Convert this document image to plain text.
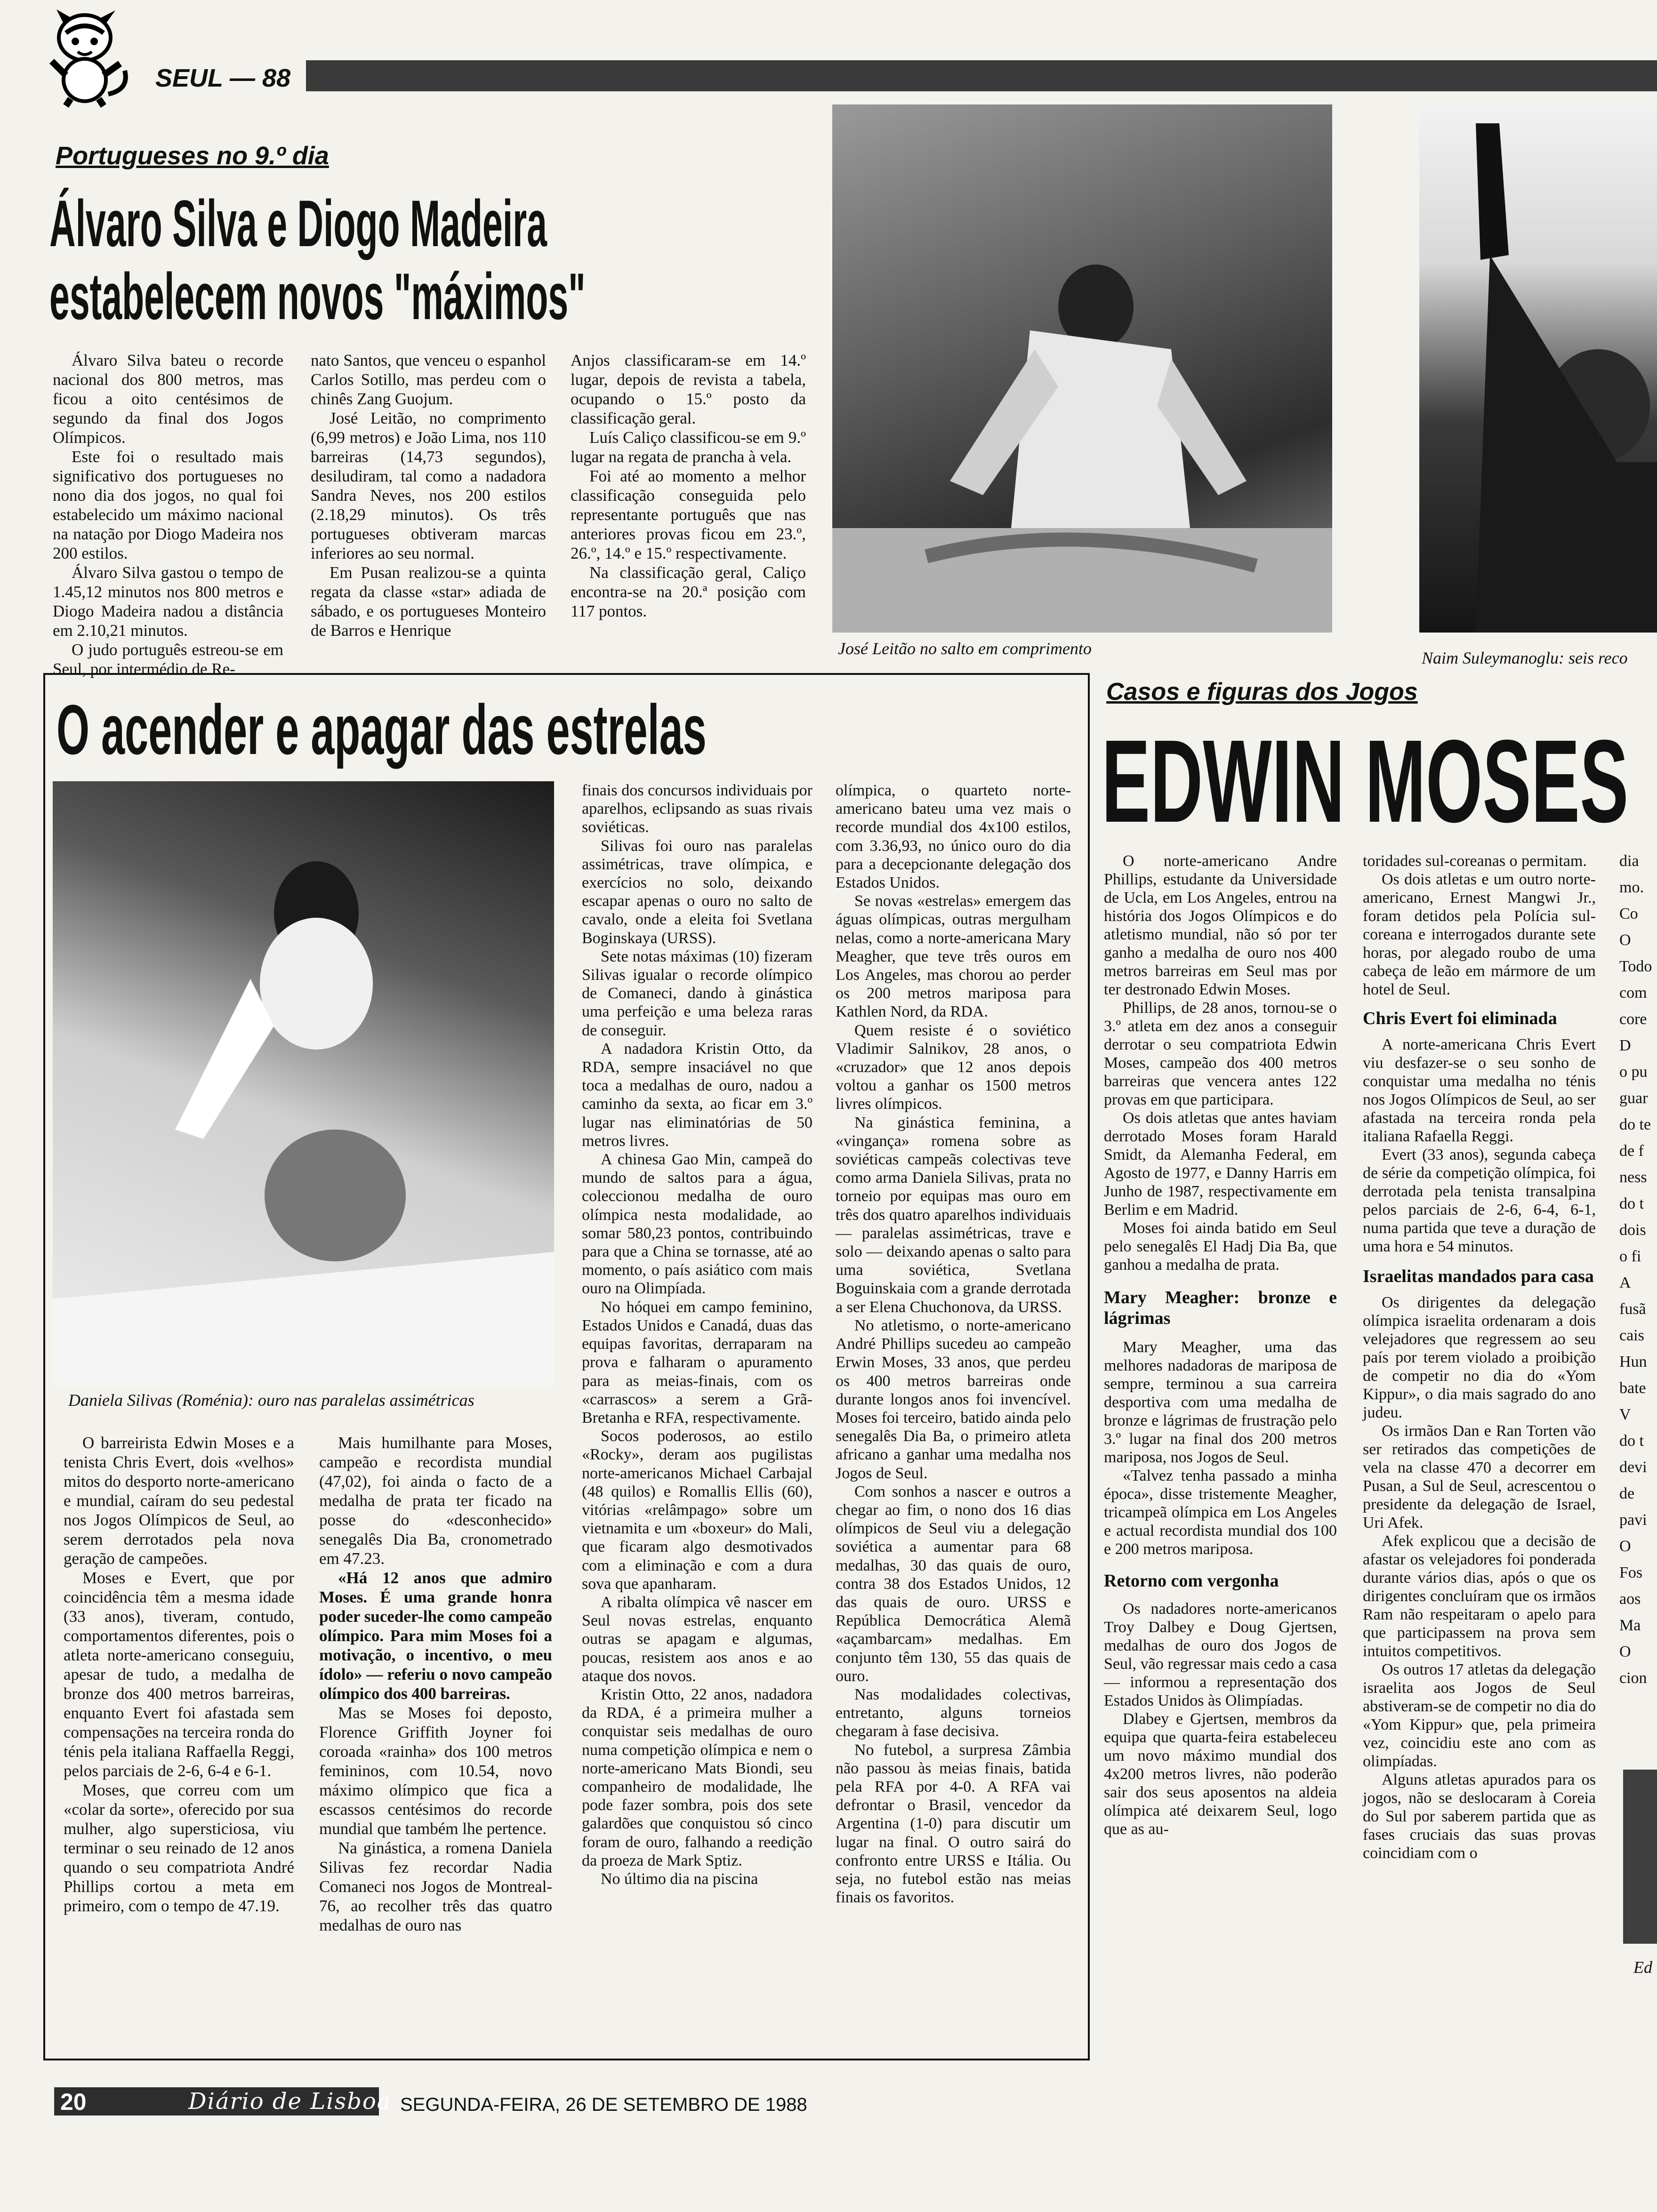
SEUL — 88
Portugueses no 9.º dia
Álvaro Silva e Diogo Madeira
estabelecem novos "máximos"

Álvaro Silva bateu o recorde nacional dos 800 metros, mas ficou a oito centésimos de segundo da final dos Jogos Olímpicos.

Este foi o resultado mais significativo dos portugueses no nono dia dos jogos, no qual foi estabelecido um máximo nacional na natação por Diogo Madeira nos 200 estilos.

Álvaro Silva gastou o tempo de 1.45,12 minutos nos 800 metros e Diogo Madeira nadou a distância em 2.10,21 minutos.

O judo português estreou-se em Seul, por intermédio de Re-

nato Santos, que venceu o espanhol Carlos Sotillo, mas perdeu com o chinês Zang Guojum.

José Leitão, no comprimento (6,99 metros) e João Lima, nos 110 barreiras (14,73 segundos), desiludiram, tal como a nadadora Sandra Neves, nos 200 estilos (2.18,29 minutos). Os três portugueses obtiveram marcas inferiores ao seu normal.

Em Pusan realizou-se a quinta regata da classe «star» adiada de sábado, e os portugueses Monteiro de Barros e Henrique

Anjos classificaram-se em 14.º lugar, depois de revista a tabela, ocupando o 15.º posto da classificação geral.

Luís Caliço classificou-se em 9.º lugar na regata de prancha à vela.

Foi até ao momento a melhor classificação conseguida pelo representante português que nas anteriores provas ficou em 23.º, 26.º, 14.º e 15.º respectivamente.

Na classificação geral, Caliço encontra-se na 20.ª posição com 117 pontos.

José Leitão no salto em comprimento	Naim Suleymanoglu: seis reco
O acender e apagar das estrelas
Daniela Silivas (Roménia): ouro nas paralelas assimétricas

O barreirista Edwin Moses e a tenista Chris Evert, dois «velhos» mitos do desporto norte-americano e mundial, caíram do seu pedestal nos Jogos Olímpicos de Seul, ao serem derrotados pela nova geração de campeões.

Moses e Evert, que por coincidência têm a mesma idade (33 anos), tiveram, contudo, comportamentos diferentes, pois o atleta norte-americano conseguiu, apesar de tudo, a medalha de bronze dos 400 metros barreiras, enquanto Evert foi afastada sem compensações na terceira ronda do ténis pela italiana Raffaella Reggi, pelos parciais de 2-6, 6-4 e 6-1.

Moses, que correu com um «colar da sorte», oferecido por sua mulher, algo supersticiosa, viu terminar o seu reinado de 12 anos quando o seu compatriota André Phillips cortou a meta em primeiro, com o tempo de 47.19.

Mais humilhante para Moses, campeão e recordista mundial (47,02), foi ainda o facto de a medalha de prata ter ficado na posse do «desconhecido» senegalês Dia Ba, cronometrado em 47.23.

«Há 12 anos que admiro Moses. É uma grande honra poder suceder-lhe como campeão olímpico. Para mim Moses foi a motivação, o incentivo, o meu ídolo» — referiu o novo campeão olímpico dos 400 barreiras.

Mas se Moses foi deposto, Florence Griffith Joyner foi coroada «rainha» dos 100 metros femininos, com 10.54, novo máximo olímpico que fica a escassos centésimos do recorde mundial que também lhe pertence.

Na ginástica, a romena Daniela Silivas fez recordar Nadia Comaneci nos Jogos de Montreal-76, ao recolher três das quatro medalhas de ouro nas

finais dos concursos individuais por aparelhos, eclipsando as suas rivais soviéticas.

Silivas foi ouro nas paralelas assimétricas, trave olímpica, e exercícios no solo, deixando escapar apenas o ouro no salto de cavalo, onde a eleita foi Svetlana Boginskaya (URSS).

Sete notas máximas (10) fizeram Silivas igualar o recorde olímpico de Comaneci, dando à ginástica uma perfeição e uma beleza raras de conseguir.

A nadadora Kristin Otto, da RDA, sempre insaciável no que toca a medalhas de ouro, nadou a caminho da sexta, ao ficar em 3.º lugar nas eliminatórias de 50 metros livres.

A chinesa Gao Min, campeã do mundo de saltos para a água, coleccionou medalha de ouro olímpica nesta modalidade, ao somar 580,23 pontos, contribuindo para que a China se tornasse, até ao momento, o país asiático com mais ouro na Olimpíada.

No hóquei em campo feminino, Estados Unidos e Canadá, duas das equipas favoritas, derraparam na prova e falharam o apuramento para as meias-finais, com os «carrascos» a serem a Grã-Bretanha e RFA, respectivamente.

Socos poderosos, ao estilo «Rocky», deram aos pugilistas norte-americanos Michael Carbajal (48 quilos) e Romallis Ellis (60), vitórias «relâmpago» sobre um vietnamita e um «boxeur» do Mali, que ficaram algo desmotivados com a eliminação e com a dura sova que apanharam.

A ribalta olímpica vê nascer em Seul novas estrelas, enquanto outras se apagam e algumas, poucas, resistem aos anos e ao ataque dos novos.

Kristin Otto, 22 anos, nadadora da RDA, é a primeira mulher a conquistar seis medalhas de ouro numa competição olímpica e nem o norte-americano Mats Biondi, seu companheiro de modalidade, lhe pode fazer sombra, pois dos sete galardões que conquistou só cinco foram de ouro, falhando a reedição da proeza de Mark Sptiz.

No último dia na piscina

olímpica, o quarteto norte-americano bateu uma vez mais o recorde mundial dos 4x100 estilos, com 3.36,93, no único ouro do dia para a decepcionante delegação dos Estados Unidos.

Se novas «estrelas» emergem das águas olímpicas, outras mergulham nelas, como a norte-americana Mary Meagher, que teve três ouros em Los Angeles, mas chorou ao perder os 200 metros mariposa para Kathlen Nord, da RDA.

Quem resiste é o soviético Vladimir Salnikov, 28 anos, o «cruzador» que 12 anos depois voltou a ganhar os 1500 metros livres olímpicos.

Na ginástica feminina, a «vingança» romena sobre as soviéticas campeãs colectivas teve como arma Daniela Silivas, prata no torneio por equipas mas ouro em três dos quatro aparelhos individuais — paralelas assimétricas, trave e solo — deixando apenas o salto para uma soviética, Svetlana Boguinskaia com a grande derrotada a ser Elena Chuchonova, da URSS.

No atletismo, o norte-americano André Phillips sucedeu ao campeão Erwin Moses, 33 anos, que perdeu os 400 metros barreiras onde durante longos anos foi invencível. Moses foi terceiro, batido ainda pelo senegalês Dia Ba, o primeiro atleta africano a ganhar uma medalha nos Jogos de Seul.

Com sonhos a nascer e outros a chegar ao fim, o nono dos 16 dias olímpicos de Seul viu a delegação soviética a aumentar para 68 medalhas, 30 das quais de ouro, contra 38 dos Estados Unidos, 12 das quais de ouro. URSS e República Democrática Alemã «açambarcam» medalhas. Em conjunto têm 130, 55 das quais de ouro.

Nas modalidades colectivas, entretanto, alguns torneios chegaram à fase decisiva.

No futebol, a surpresa Zâmbia não passou às meias finais, batida pela RFA por 4-0. A RFA vai defrontar o Brasil, vencedor da Argentina (1-0) para discutir um lugar na final. O outro sairá do confronto entre URSS e Itália. Ou seja, no futebol estão nas meias finais os favoritos.

Casos e figuras dos Jogos
EDWIN MOSES

O norte-americano Andre Phillips, estudante da Universidade de Ucla, em Los Angeles, entrou na história dos Jogos Olímpicos e do atletismo mundial, não só por ter ganho a medalha de ouro nos 400 metros barreiras em Seul mas por ter destronado Edwin Moses.

Phillips, de 28 anos, tornou-se o 3.º atleta em dez anos a conseguir derrotar o seu compatriota Edwin Moses, campeão dos 400 metros barreiras que vencera antes 122 provas em que participara.

Os dois atletas que antes haviam derrotado Moses foram Harald Smidt, da Alemanha Federal, em Agosto de 1977, e Danny Harris em Junho de 1987, respectivamente em Berlim e em Madrid.

Moses foi ainda batido em Seul pelo senegalês El Hadj Dia Ba, que ganhou a medalha de prata.

Mary Meagher: bronze e lágrimas

Mary Meagher, uma das melhores nadadoras de mariposa de sempre, terminou a sua carreira desportiva com uma medalha de bronze e lágrimas de frustração pelo 3.º lugar na final dos 200 metros mariposa, nos Jogos de Seul.

«Talvez tenha passado a minha época», disse tristemente Meagher, tricampeã olímpica em Los Angeles e actual recordista mundial dos 100 e 200 metros mariposa.

Retorno com vergonha

Os nadadores norte-americanos Troy Dalbey e Doug Gjertsen, medalhas de ouro dos Jogos de Seul, vão regressar mais cedo a casa — informou a representação dos Estados Unidos às Olimpíadas.

Dlabey e Gjertsen, membros da equipa que quarta-feira estabeleceu um novo máximo mundial dos 4x200 metros livres, não poderão sair dos seus aposentos na aldeia olímpica até deixarem Seul, logo que as au-

toridades sul-coreanas o permitam.

Os dois atletas e um outro norte-americano, Ernest Mangwi Jr., foram detidos pela Polícia sul-coreana e interrogados durante sete horas, por alegado roubo de uma cabeça de leão em mármore de um hotel de Seul.

Chris Evert foi eliminada

A norte-americana Chris Evert viu desfazer-se o seu sonho de conquistar uma medalha no ténis nos Jogos Olímpicos de Seul, ao ser afastada na terceira ronda pela italiana Rafaella Reggi.

Evert (33 anos), segunda cabeça de série da competição olímpica, foi derrotada pela tenista transalpina pelos parciais de 2-6, 6-4, 6-1, numa partida que teve a duração de uma hora e 54 minutos.

Israelitas mandados para casa

Os dirigentes da delegação olímpica israelita ordenaram a dois velejadores que regressem ao seu país por terem violado a proibição de competir no dia do «Yom Kippur», o dia mais sagrado do ano judeu.

Os irmãos Dan e Ran Torten vão ser retirados das competições de vela na classe 470 a decorrer em Pusan, a Sul de Seul, acrescentou o presidente da delegação de Israel, Uri Afek.

Afek explicou que a decisão de afastar os velejadores foi ponderada durante vários dias, após o que os dirigentes concluíram que os irmãos Ram não respeitaram o apelo para que participassem na prova sem intuitos competitivos.

Os outros 17 atletas da delegação israelita aos Jogos de Seul abstiveram-se de competir no dia do «Yom Kippur» que, pela primeira vez, coincidiu este ano com as olimpíadas.

Alguns atletas apurados para os jogos, não se deslocaram à Coreia do Sul por saberem partida que as fases cruciais das suas provas coincidiam com o

dia
mo.
Co
O
Todo
com
core
D
o pu
guar
do te
de f
ness
do t
dois
o fi
A
fusã
cais
Hun
bate
V
do t
devi
de
pavi
O
Fos
aos
Ma
O
cion
Ed
20	Diário de Lisboa SEGUNDA-FEIRA, 26 DE SETEMBRO DE 1988
